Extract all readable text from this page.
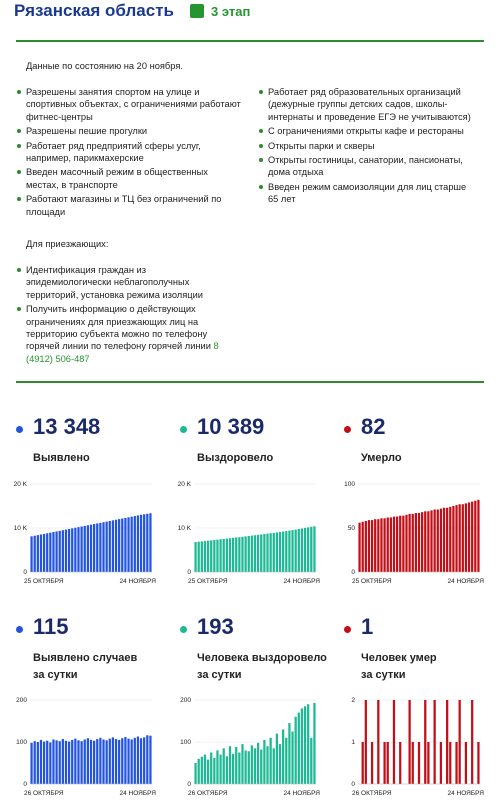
Рязанская область	3 этап
Данные по состоянию на 20 ноября.
Разрешены занятия спортом на улице и спортивных объектах, с ограничениями работают фитнес-центры
Разрешены пешие прогулки
Работает ряд предприятий сферы услуг, например, парикмахерские
Введен масочный режим в общественных местах, в транспорте
Работают магазины и ТЦ без ограничений по площади
Для приезжающих:
Идентификация граждан из эпидемиологически неблагополучных территорий, установка режима изоляции
Получить информацию о действующих ограничениях для приезжающих лиц на территорию субъекта можно по телефону горячей линии по телефону горячей линии 8 (4912) 506-487
Работает ряд образовательных организаций (дежурные группы детских садов, школы-интернаты и проведение ЕГЭ не учитываются)
С ограничениями открыты кафе и рестораны
Открыты парки и скверы
Открыты гостиницы, санатории, пансионаты, дома отдыха
Введен режим самоизоляции для лиц старше 65 лет
13 348
Выявлено
10 389
Выздоровело
82
Умерло
0
10 K
20 K
25 ОКТЯБРЯ	24 НОЯБРЯ
0
10 K
20 K
25 ОКТЯБРЯ	24 НОЯБРЯ
0
50
100
25 ОКТЯБРЯ	24 НОЯБРЯ
115
Выявлено случаев за сутки
193
Человека выздоровело за сутки
1
Человек умер за сутки
0
100
200
26 ОКТЯБРЯ	24 НОЯБРЯ
0
100
200
26 ОКТЯБРЯ	24 НОЯБРЯ
0
1
2
26 ОКТЯБРЯ	24 НОЯБРЯ
